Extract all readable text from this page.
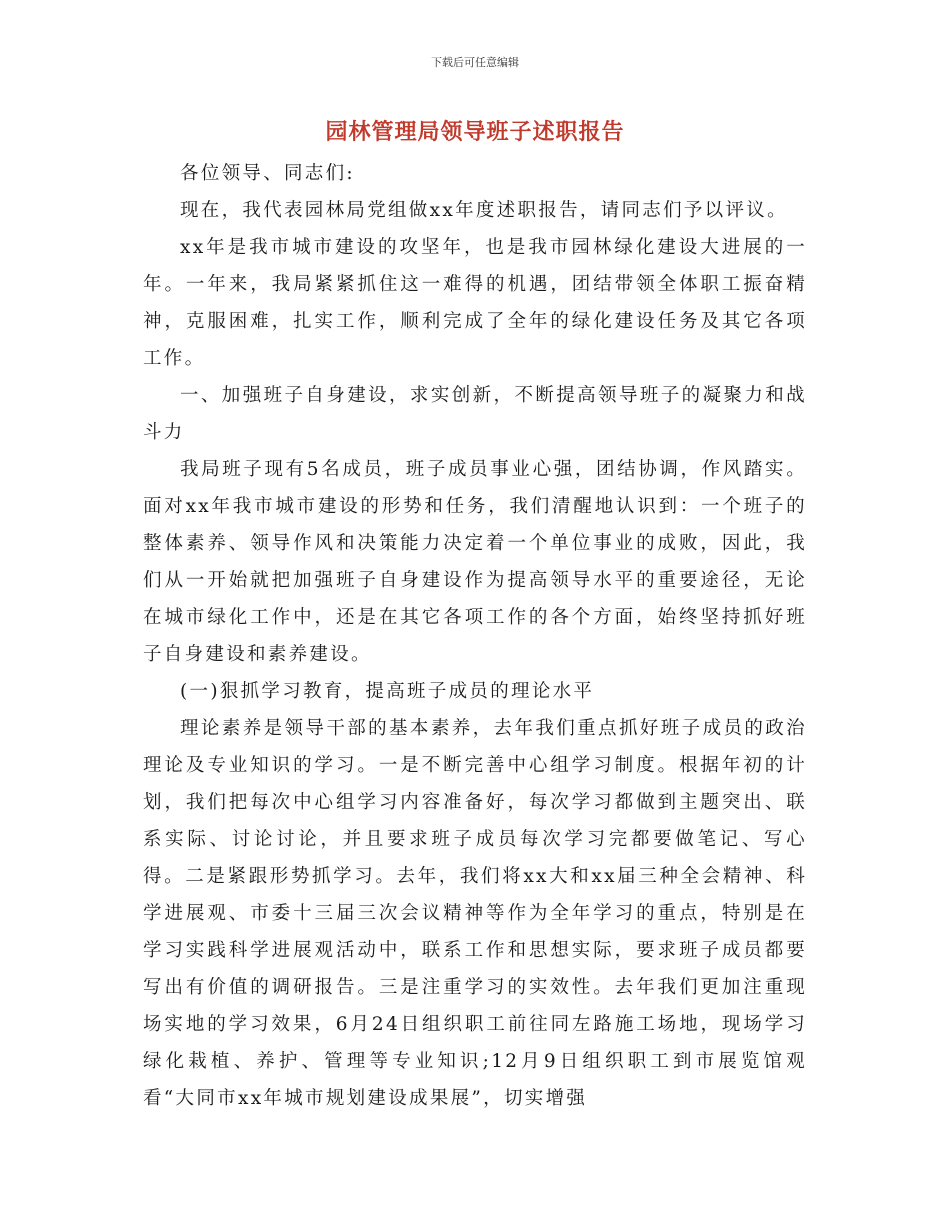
下载后可任意编辑
园林管理局领导班子述职报告

各位领导、同志们:

现在，我代表园林局党组做xx年度述职报告，请同志们予以评议。

xx年是我市城市建设的攻坚年，也是我市园林绿化建设大进展的一年。一年来，我局紧紧抓住这一难得的机遇，团结带领全体职工振奋精神，克服困难，扎实工作，顺利完成了全年的绿化建设任务及其它各项工作。

一、加强班子自身建设，求实创新，不断提高领导班子的凝聚力和战斗力

我局班子现有5名成员，班子成员事业心强，团结协调，作风踏实。面对xx年我市城市建设的形势和任务，我们清醒地认识到：一个班子的整体素养、领导作风和决策能力决定着一个单位事业的成败，因此，我们从一开始就把加强班子自身建设作为提高领导水平的重要途径，无论在城市绿化工作中，还是在其它各项工作的各个方面，始终坚持抓好班子自身建设和素养建设。

(一)狠抓学习教育，提高班子成员的理论水平

理论素养是领导干部的基本素养，去年我们重点抓好班子成员的政治理论及专业知识的学习。一是不断完善中心组学习制度。根据年初的计划，我们把每次中心组学习内容准备好，每次学习都做到主题突出、联系实际、讨论讨论，并且要求班子成员每次学习完都要做笔记、写心得。二是紧跟形势抓学习。去年，我们将xx大和xx届三种全会精神、科学进展观、市委十三届三次会议精神等作为全年学习的重点，特别是在学习实践科学进展观活动中，联系工作和思想实际，要求班子成员都要写出有价值的调研报告。三是注重学习的实效性。去年我们更加注重现场实地的学习效果，6月24日组织职工前往同左路施工场地，现场学习绿化栽植、养护、管理等专业知识;12月9日组织职工到市展览馆观看“大同市xx年城市规划建设成果展”，切实增强
